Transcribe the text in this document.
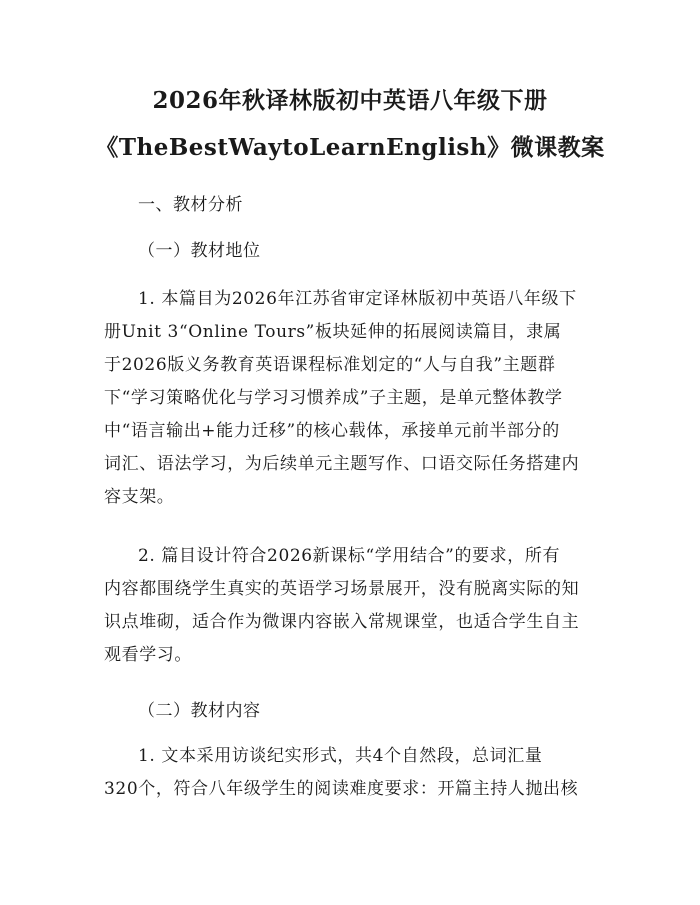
2026年秋译林版初中英语八年级下册
《TheBestWaytoLearnEnglish》微课教案
一、教材分析
（一）教材地位
1. 本篇目为2026年江苏省审定译林版初中英语八年级下
册Unit 3“Online Tours”板块延伸的拓展阅读篇目，隶属
于2026版义务教育英语课程标准划定的“人与自我”主题群
下“学习策略优化与学习习惯养成”子主题，是单元整体教学
中“语言输出+能力迁移”的核心载体，承接单元前半部分的
词汇、语法学习，为后续单元主题写作、口语交际任务搭建内
容支架。
2. 篇目设计符合2026新课标“学用结合”的要求，所有
内容都围绕学生真实的英语学习场景展开，没有脱离实际的知
识点堆砌，适合作为微课内容嵌入常规课堂，也适合学生自主
观看学习。
（二）教材内容
1. 文本采用访谈纪实形式，共4个自然段，总词汇量
320个，符合八年级学生的阅读难度要求：开篇主持人抛出核
